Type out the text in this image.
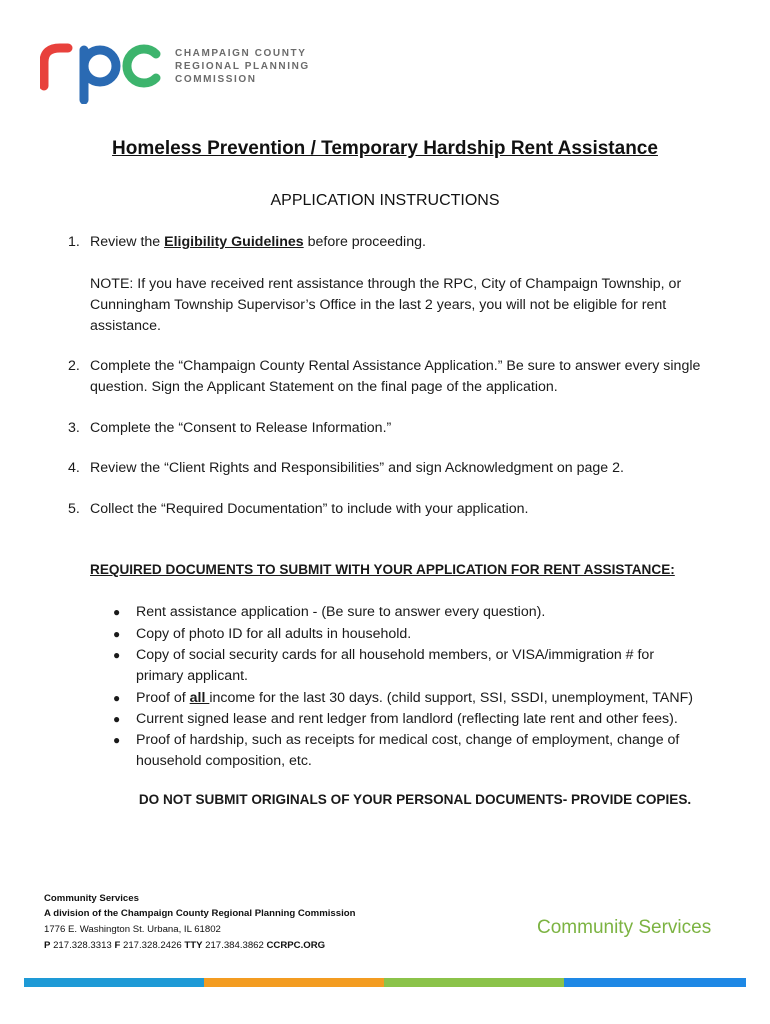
CHAMPAIGN COUNTY
REGIONAL PLANNING
COMMISSION
Homeless Prevention / Temporary Hardship Rent Assistance
APPLICATION INSTRUCTIONS
1. Review the Eligibility Guidelines before proceeding.
NOTE: If you have received rent assistance through the RPC, City of Champaign Township, or Cunningham Township Supervisor’s Office in the last 2 years, you will not be eligible for rent assistance.
2. Complete the “Champaign County Rental Assistance Application.” Be sure to answer every single question. Sign the Applicant Statement on the final page of the application.
3. Complete the “Consent to Release Information.”
4. Review the “Client Rights and Responsibilities” and sign Acknowledgment on page 2.
5. Collect the “Required Documentation” to include with your application.
REQUIRED DOCUMENTS TO SUBMIT WITH YOUR APPLICATION FOR RENT ASSISTANCE:
● Rent assistance application - (Be sure to answer every question).
● Copy of photo ID for all adults in household.
● Copy of social security cards for all household members, or VISA/immigration # for primary applicant.
● Proof of all income for the last 30 days. (child support, SSI, SSDI, unemployment, TANF)
● Current signed lease and rent ledger from landlord (reflecting late rent and other fees).
● Proof of hardship, such as receipts for medical cost, change of employment, change of household composition, etc.
DO NOT SUBMIT ORIGINALS OF YOUR PERSONAL DOCUMENTS- PROVIDE COPIES.
Community Services
A division of the Champaign County Regional Planning Commission
1776 E. Washington St. Urbana, IL 61802
P 217.328.3313 F 217.328.2426 TTY 217.384.3862 CCRPC.ORG
Community Services
